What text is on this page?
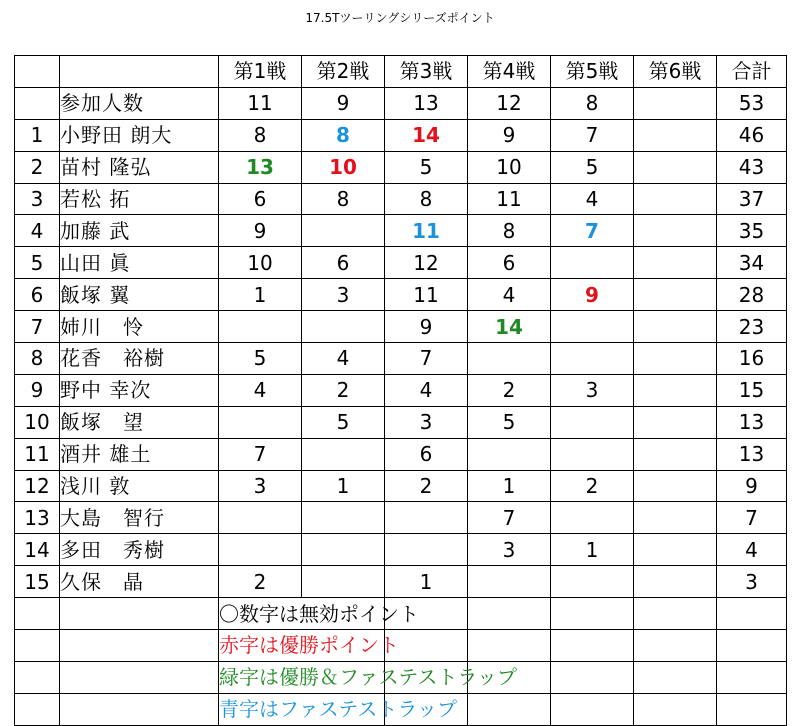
17.5Tツーリングシリーズポイント
		第1戦	第2戦	第3戦	第4戦	第5戦	第6戦	合計
	参加人数	11	9	13	12	8		53
1	小野田 朗大	8	8	14	9	7		46
2	苗村 隆弘	13	10	5	10	5		43
3	若松 拓	6	8	8	11	4		37
4	加藤 武	9		11	8	7		35
5	山田 眞	10	6	12	6			34
6	飯塚 翼	1	3	11	4	9		28
7	姉川　怜			9	14			23
8	花香　裕樹	5	4	7				16
9	野中 幸次	4	2	4	2	3		15
10	飯塚　望		5	3	5			13
11	酒井 雄土	7		6				13
12	浅川 敦	3	1	2	1	2		9
13	大島　智行				7			7
14	多田　秀樹				3	1		4
15	久保　晶	2		1				3
		〇数字は無効ポイント						
		赤字は優勝ポイント						
		緑字は優勝＆ファステストラップ						
		青字はファステストラップ						
